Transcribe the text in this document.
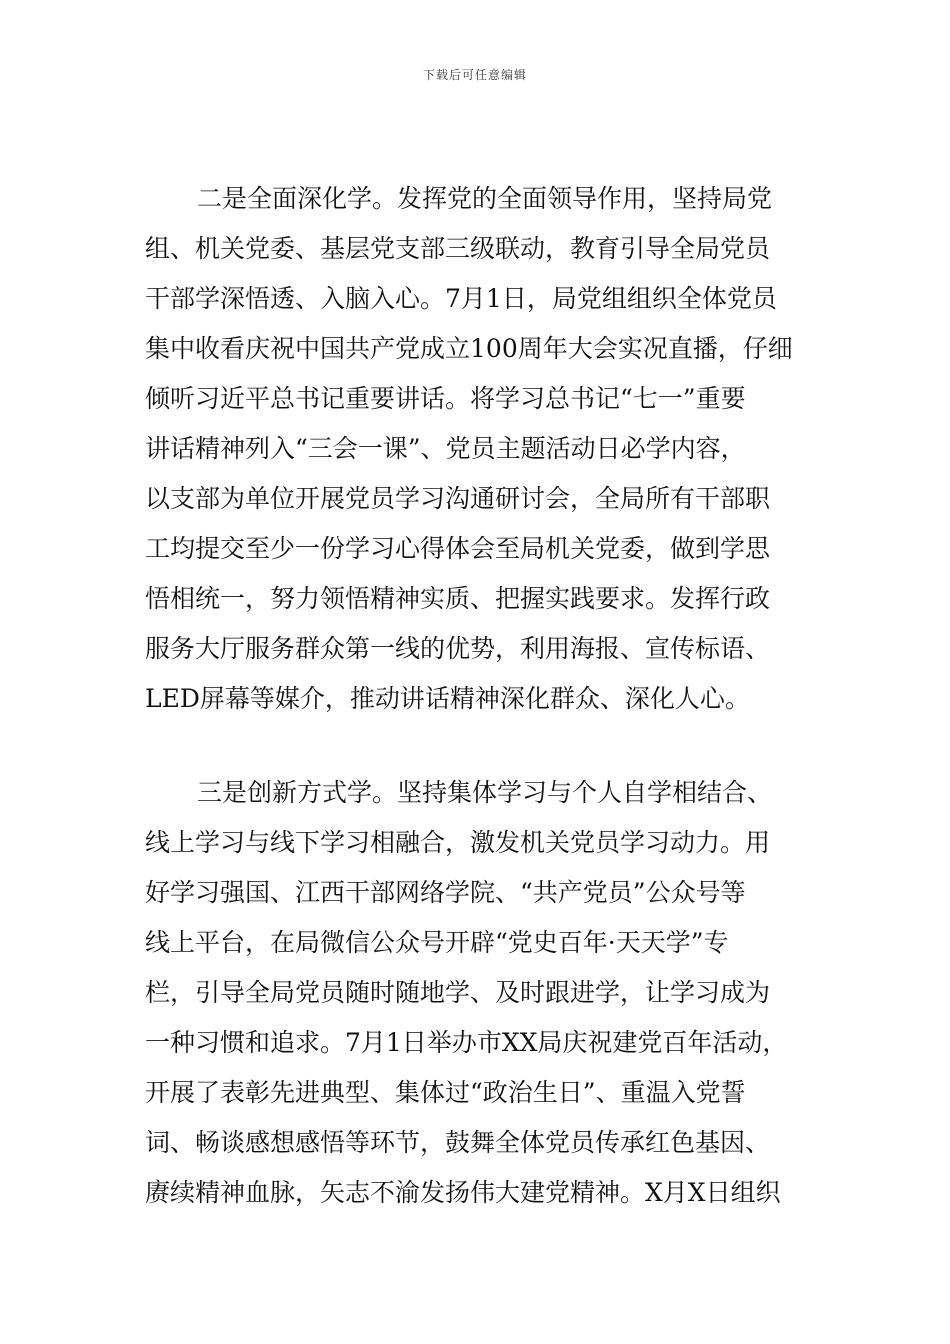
下载后可任意编辑
二是全面深化学。发挥党的全面领导作用，坚持局党
组、机关党委、基层党支部三级联动，教育引导全局党员
干部学深悟透、入脑入心。7月1日，局党组组织全体党员
集中收看庆祝中国共产党成立100周年大会实况直播，仔细
倾听习近平总书记重要讲话。将学习总书记“七一”重要
讲话精神列入“三会一课”、党员主题活动日必学内容，
以支部为单位开展党员学习沟通研讨会，全局所有干部职
工均提交至少一份学习心得体会至局机关党委，做到学思
悟相统一，努力领悟精神实质、把握实践要求。发挥行政
服务大厅服务群众第一线的优势，利用海报、宣传标语、
LED屏幕等媒介，推动讲话精神深化群众、深化人心。
三是创新方式学。坚持集体学习与个人自学相结合、
线上学习与线下学习相融合，激发机关党员学习动力。用
好学习强国、江西干部网络学院、“共产党员”公众号等
线上平台，在局微信公众号开辟“党史百年·天天学”专
栏，引导全局党员随时随地学、及时跟进学，让学习成为
一种习惯和追求。7月1日举办市XX局庆祝建党百年活动，
开展了表彰先进典型、集体过“政治生日”、重温入党誓
词、畅谈感想感悟等环节，鼓舞全体党员传承红色基因、
赓续精神血脉，矢志不渝发扬伟大建党精神。X月X日组织
